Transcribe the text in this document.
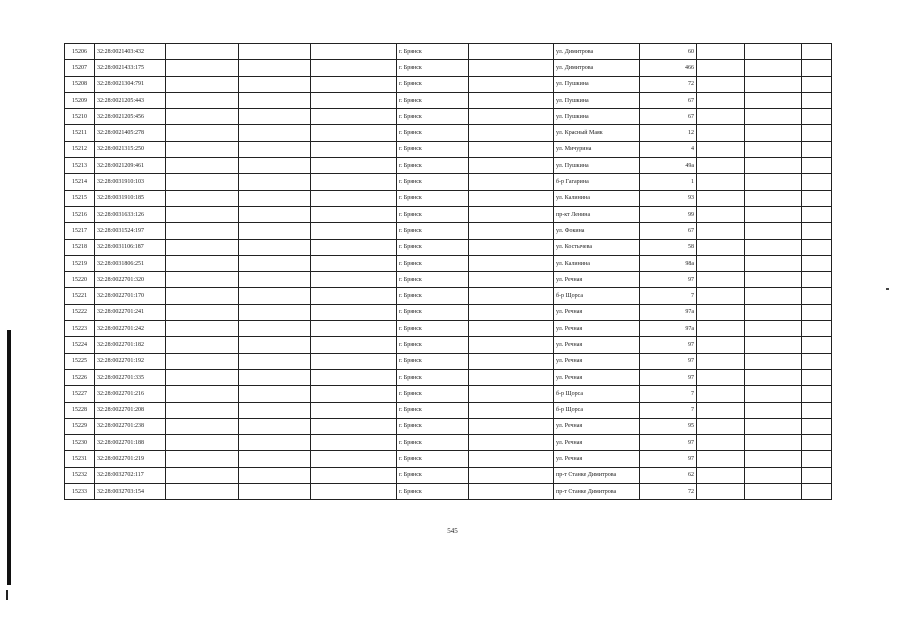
15206	32:28:0021403:432				г. Брянск		ул. Димитрова	60			
15207	32:28:0021433:175				г. Брянск		ул. Димитрова	466			
15208	32:28:0021304:791				г. Брянск		ул. Пушкина	72			
15209	32:28:0021205:443				г. Брянск		ул. Пушкина	67			
15210	32:28:0021205:456				г. Брянск		ул. Пушкина	67			
15211	32:28:0021405:278				г. Брянск		ул. Красный Маяк	12			
15212	32:28:0021315:250				г. Брянск		ул. Мичурина	4			
15213	32:28:0021209:461				г. Брянск		ул. Пушкина	49а			
15214	32:28:0031910:103				г. Брянск		б-р Гагарина	1			
15215	32:28:0031910:185				г. Брянск		ул. Калинина	93			
15216	32:28:0031633:126				г. Брянск		пр-кт Ленина	99			
15217	32:28:0031524:197				г. Брянск		ул. Фокина	67			
15218	32:28:0031106:187				г. Брянск		ул. Костычева	58			
15219	32:28:0031806:251				г. Брянск		ул. Калинина	98а			
15220	32:28:0022701:320				г. Брянск		ул. Речная	97			
15221	32:28:0022701:170				г. Брянск		б-р Щорса	7			
15222	32:28:0022701:241				г. Брянск		ул. Речная	97а			
15223	32:28:0022701:242				г. Брянск		ул. Речная	97а			
15224	32:28:0022701:182				г. Брянск		ул. Речная	97			
15225	32:28:0022701:192				г. Брянск		ул. Речная	97			
15226	32:28:0022701:335				г. Брянск		ул. Речная	97			
15227	32:28:0022701:216				г. Брянск		б-р Щорса	7			
15228	32:28:0022701:208				г. Брянск		б-р Щорса	7			
15229	32:28:0022701:238				г. Брянск		ул. Речная	95			
15230	32:28:0022701:188				г. Брянск		ул. Речная	97			
15231	32:28:0022701:219				г. Брянск		ул. Речная	97			
15232	32:28:0032702:117				г. Брянск		пр-т Станке Димитрова	62			
15233	32:28:0032703:154				г. Брянск		пр-т Станке Димитрова	72			
545
